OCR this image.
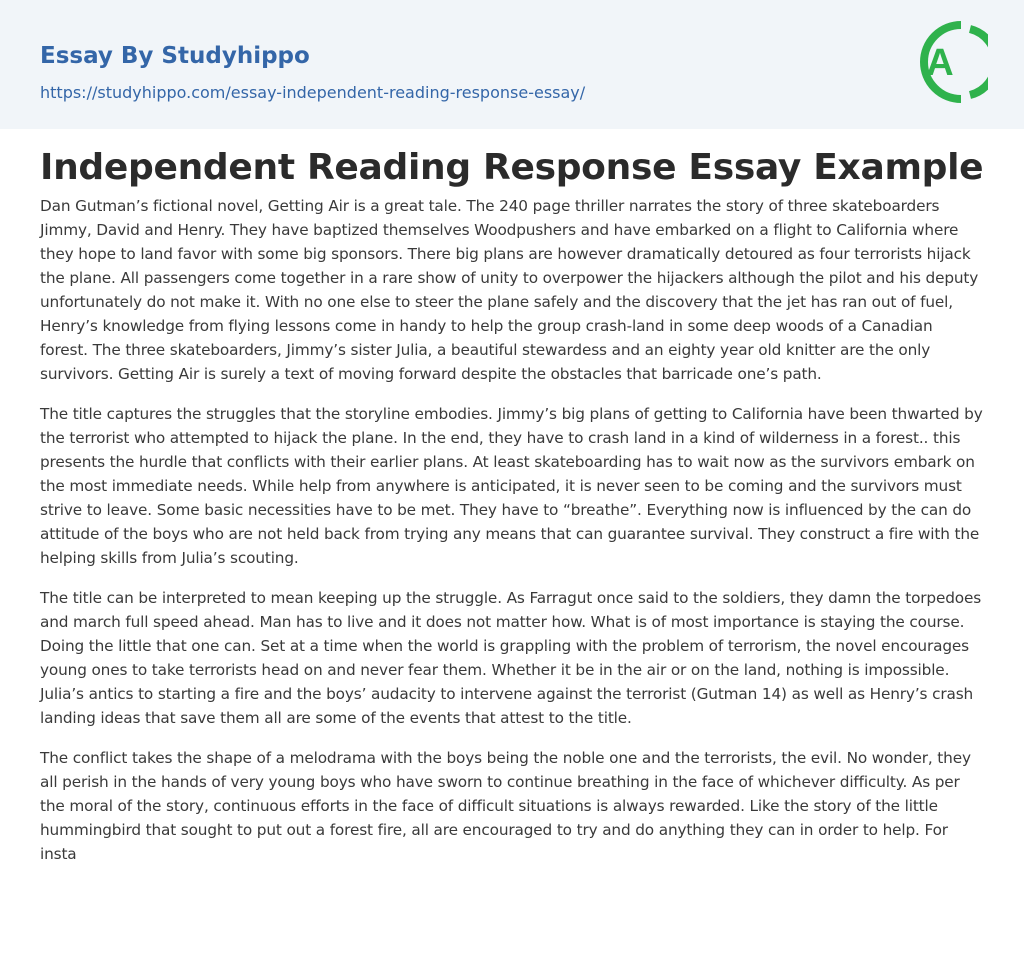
Essay By Studyhippo
https://studyhippo.com/essay-independent-reading-response-essay/
A
Independent Reading Response Essay Example

Dan Gutman’s fictional novel, Getting Air is a great tale. The 240 page thriller narrates the story of three skateboarders Jimmy, David and Henry. They have baptized themselves Woodpushers and have embarked on a flight to California where they hope to land favor with some big sponsors. There big plans are however dramatically detoured as four terrorists hijack the plane. All passengers come together in a rare show of unity to overpower the hijackers although the pilot and his deputy unfortunately do not make it. With no one else to steer the plane safely and the discovery that the jet has ran out of fuel, Henry’s knowledge from flying lessons come in handy to help the group crash-land in some deep woods of a Canadian forest. The three skateboarders, Jimmy’s sister Julia, a beautiful stewardess and an eighty year old knitter are the only survivors. Getting Air is surely a text of moving forward despite the obstacles that barricade one’s path.

The title captures the struggles that the storyline embodies. Jimmy’s big plans of getting to California have been thwarted by the terrorist who attempted to hijack the plane. In the end, they have to crash land in a kind of wilderness in a forest.. this presents the hurdle that conflicts with their earlier plans. At least skateboarding has to wait now as the survivors embark on the most immediate needs. While help from anywhere is anticipated, it is never seen to be coming and the survivors must strive to leave. Some basic necessities have to be met. They have to “breathe”. Everything now is influenced by the can do attitude of the boys who are not held back from trying any means that can guarantee survival. They construct a fire with the helping skills from Julia’s scouting.

The title can be interpreted to mean keeping up the struggle. As Farragut once said to the soldiers, they damn the torpedoes and march full speed ahead. Man has to live and it does not matter how. What is of most importance is staying the course. Doing the little that one can. Set at a time when the world is grappling with the problem of terrorism, the novel encourages young ones to take terrorists head on and never fear them. Whether it be in the air or on the land, nothing is impossible. Julia’s antics to starting a fire and the boys’ audacity to intervene against the terrorist (Gutman 14) as well as Henry’s crash landing ideas that save them all are some of the events that attest to the title.

The conflict takes the shape of a melodrama with the boys being the noble one and the terrorists, the evil. No wonder, they all perish in the hands of very young boys who have sworn to continue breathing in the face of whichever difficulty. As per the moral of the story, continuous efforts in the face of difficult situations is always rewarded. Like the story of the little hummingbird that sought to put out a forest fire, all are encouraged to try and do anything they can in order to help. For insta
